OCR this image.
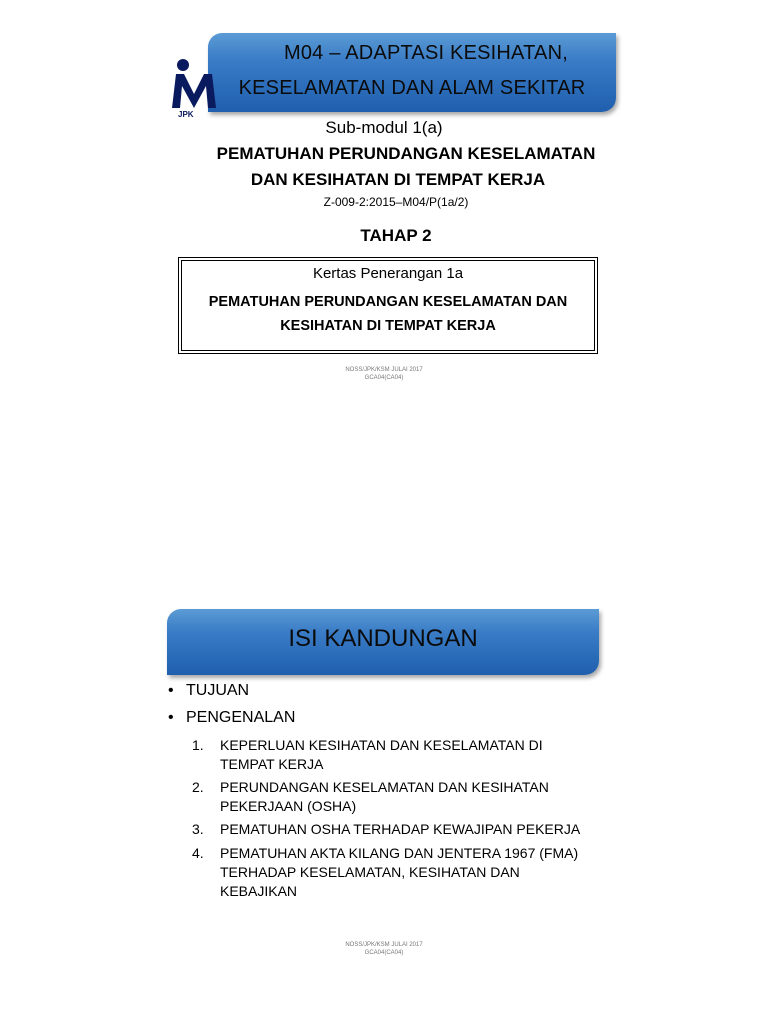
M04 – ADAPTASI KESIHATAN,
KESELAMATAN DAN ALAM SEKITAR
JPK
Sub-modul 1(a)
PEMATUHAN PERUNDANGAN KESELAMATAN
DAN KESIHATAN DI TEMPAT KERJA
Z-009-2:2015–M04/P(1a/2)
TAHAP 2
Kertas Penerangan 1a
PEMATUHAN PERUNDANGAN KESELAMATAN DAN
KESIHATAN DI TEMPAT KERJA
NOSS/JPK/KSM JULAI 2017
GCA04(CA04)
ISI KANDUNGAN
• TUJUAN
• PENGENALAN
1.	KEPERLUAN KESIHATAN DAN KESELAMATAN DI TEMPAT KERJA
2.	PERUNDANGAN KESELAMATAN DAN KESIHATAN PEKERJAAN (OSHA)
3.	PEMATUHAN OSHA TERHADAP KEWAJIPAN PEKERJA
4.	PEMATUHAN AKTA KILANG DAN JENTERA 1967 (FMA) TERHADAP KESELAMATAN, KESIHATAN DAN KEBAJIKAN
NOSS/JPK/KSM JULAI 2017
GCA04(CA04)
